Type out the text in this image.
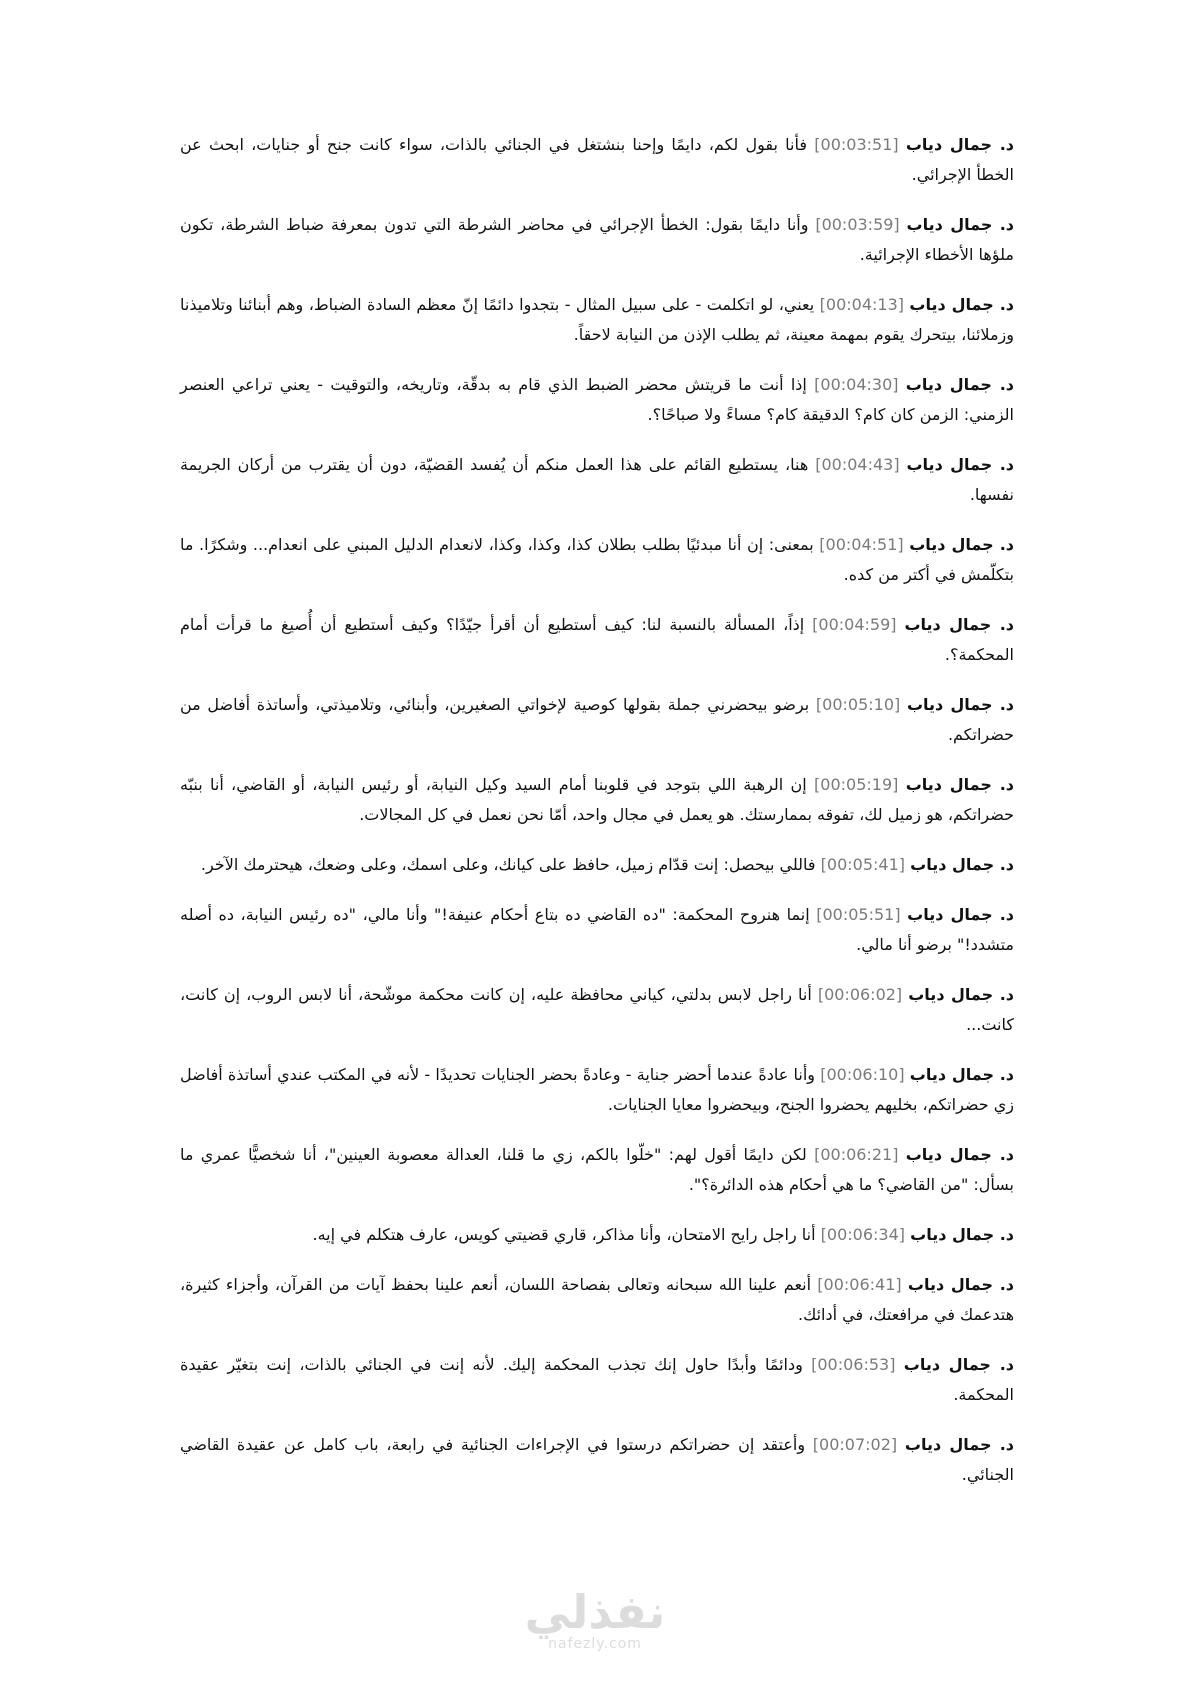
د. جمال دياب [00:03:51] فأنا بقول لكم، دايمًا وإحنا بنشتغل في الجنائي بالذات، سواء كانت جنح أو جنايات، ابحث عن الخطأ الإجرائي.

د. جمال دياب [00:03:59] وأنا دايمًا بقول: الخطأ الإجرائي في محاضر الشرطة التي تدون بمعرفة ضباط الشرطة، تكون ملؤها الأخطاء الإجرائية.

د. جمال دياب [00:04:13] يعني، لو اتكلمت - على سبيل المثال - بتجدوا دائمًا إنّ معظم السادة الضباط، وهم أبنائنا وتلاميذنا وزملائنا، بيتحرك يقوم بمهمة معينة، ثم يطلب الإذن من النيابة لاحقاً.

د. جمال دياب [00:04:30] إذا أنت ما قريتش محضر الضبط الذي قام به بدقّة، وتاريخه، والتوقيت - يعني تراعي العنصر الزمني: الزمن كان كام؟ الدقيقة كام؟ مساءً ولا صباحًا؟.

د. جمال دياب [00:04:43] هنا، يستطيع القائم على هذا العمل منكم أن يُفسد القضيّة، دون أن يقترب من أركان الجريمة نفسها.

د. جمال دياب [00:04:51] بمعنى: إن أنا مبدئيًا بطلب بطلان كذا، وكذا، وكذا، لانعدام الدليل المبني على انعدام... وشكرًا. ما بتكلّمش في أكتر من كده.

د. جمال دياب [00:04:59] إذاً، المسألة بالنسبة لنا: كيف أستطيع أن أقرأ جيّدًا؟ وكيف أستطيع أن أُصيغ ما قرأت أمام المحكمة؟.

د. جمال دياب [00:05:10] برضو بيحضرني جملة بقولها كوصية لإخواتي الصغيرين، وأبنائي، وتلاميذتي، وأساتذة أفاضل من حضراتكم.

د. جمال دياب [00:05:19] إن الرهبة اللي بتوجد في قلوبنا أمام السيد وكيل النيابة، أو رئيس النيابة، أو القاضي، أنا بنبّه حضراتكم، هو زميل لك، تفوقه بممارستك. هو يعمل في مجال واحد، أمّا نحن نعمل في كل المجالات.

د. جمال دياب [00:05:41] فاللي بيحصل: إنت قدّام زميل، حافظ على كيانك، وعلى اسمك، وعلى وضعك، هيحترمك الآخر.

د. جمال دياب [00:05:51] إنما هنروح المحكمة: "ده القاضي ده بتاع أحكام عنيفة!" وأنا مالي، "ده رئيس النيابة، ده أصله متشدد!" برضو أنا مالي.

د. جمال دياب [00:06:02] أنا راجل لابس بدلتي، كياني محافظة عليه، إن كانت محكمة موشّحة، أنا لابس الروب، إن كانت، كانت...

د. جمال دياب [00:06:10] وأنا عادةً عندما أحضر جناية - وعادةً بحضر الجنايات تحديدًا - لأنه في المكتب عندي أساتذة أفاضل زي حضراتكم، بخليهم يحضروا الجنح، وبيحضروا معايا الجنايات.

د. جمال دياب [00:06:21] لكن دايمًا أقول لهم: "خلّوا بالكم، زي ما قلنا، العدالة معصوبة العينين"، أنا شخصيًّا عمري ما بسأل: "من القاضي؟ ما هي أحكام هذه الدائرة؟".

د. جمال دياب [00:06:34] أنا راجل رايح الامتحان، وأنا مذاكر، قاري قضيتي كويس، عارف هتكلم في إيه.

د. جمال دياب [00:06:41] أنعم علينا الله سبحانه وتعالى بفصاحة اللسان، أنعم علينا بحفظ آيات من القرآن، وأجزاء كثيرة، هتدعمك في مرافعتك، في أدائك.

د. جمال دياب [00:06:53] ودائمًا وأبدًا حاول إنك تجذب المحكمة إليك. لأنه إنت في الجنائي بالذات، إنت بتغيّر عقيدة المحكمة.

د. جمال دياب [00:07:02] وأعتقد إن حضراتكم درستوا في الإجراءات الجنائية في رابعة، باب كامل عن عقيدة القاضي الجنائي.

نفذلي
nafezly.com
